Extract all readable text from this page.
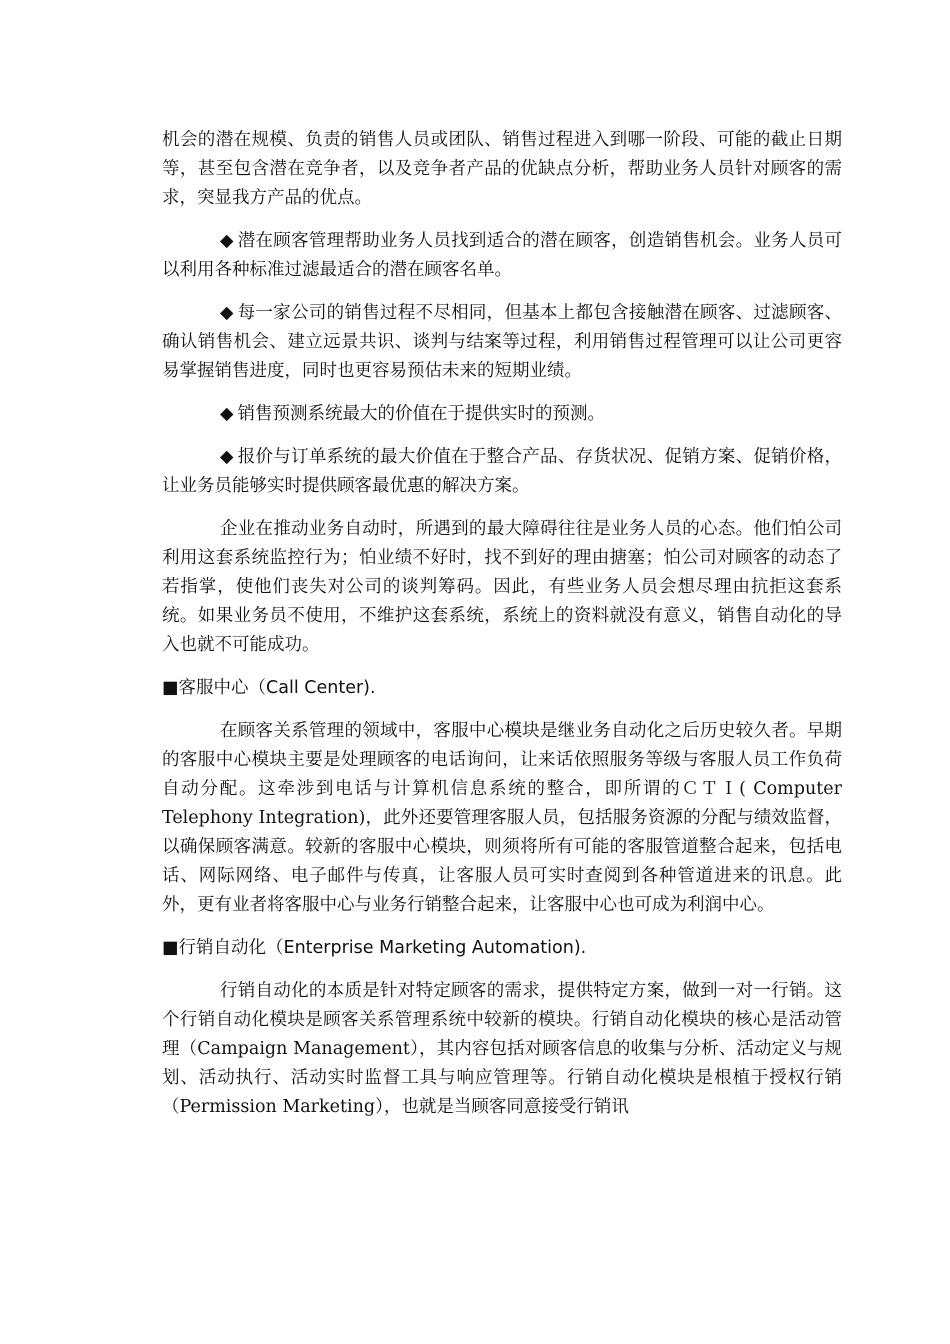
机会的潜在规模、负责的销售人员或团队、销售过程进入到哪一阶段、可能的截止日期等，甚至包含潜在竞争者，以及竞争者产品的优缺点分析，帮助业务人员针对顾客的需求，突显我方产品的优点。

◆ 潜在顾客管理帮助业务人员找到适合的潜在顾客，创造销售机会。业务人员可以利用各种标准过滤最适合的潜在顾客名单。

◆ 每一家公司的销售过程不尽相同，但基本上都包含接触潜在顾客、过滤顾客、确认销售机会、建立远景共识、谈判与结案等过程，利用销售过程管理可以让公司更容易掌握销售进度，同时也更容易预估未来的短期业绩。

◆ 销售预测系统最大的价值在于提供实时的预测。

◆ 报价与订单系统的最大价值在于整合产品、存货状况、促销方案、促销价格，让业务员能够实时提供顾客最优惠的解决方案。

企业在推动业务自动时，所遇到的最大障碍往往是业务人员的心态。他们怕公司利用这套系统监控行为；怕业绩不好时，找不到好的理由搪塞；怕公司对顾客的动态了若指掌，使他们丧失对公司的谈判筹码。因此，有些业务人员会想尽理由抗拒这套系统。如果业务员不使用，不维护这套系统，系统上的资料就没有意义，销售自动化的导入也就不可能成功。

■客服中心（Call Center).

在顾客关系管理的领域中，客服中心模块是继业务自动化之后历史较久者。早期的客服中心模块主要是处理顾客的电话询问，让来话依照服务等级与客服人员工作负荷自动分配。这牵涉到电话与计算机信息系统的整合，即所谓的ＣＴＩ( Computer Telephony Integration)，此外还要管理客服人员，包括服务资源的分配与绩效监督，以确保顾客满意。较新的客服中心模块，则须将所有可能的客服管道整合起来，包括电话、网际网络、电子邮件与传真，让客服人员可实时查阅到各种管道进来的讯息。此外，更有业者将客服中心与业务行销整合起来，让客服中心也可成为利润中心。

■行销自动化（Enterprise Marketing Automation).

行销自动化的本质是针对特定顾客的需求，提供特定方案，做到一对一行销。这个行销自动化模块是顾客关系管理系统中较新的模块。行销自动化模块的核心是活动管理（Campaign Management），其内容包括对顾客信息的收集与分析、活动定义与规划、活动执行、活动实时监督工具与响应管理等。行销自动化模块是根植于授权行销（Permission Marketing），也就是当顾客同意接受行销讯
